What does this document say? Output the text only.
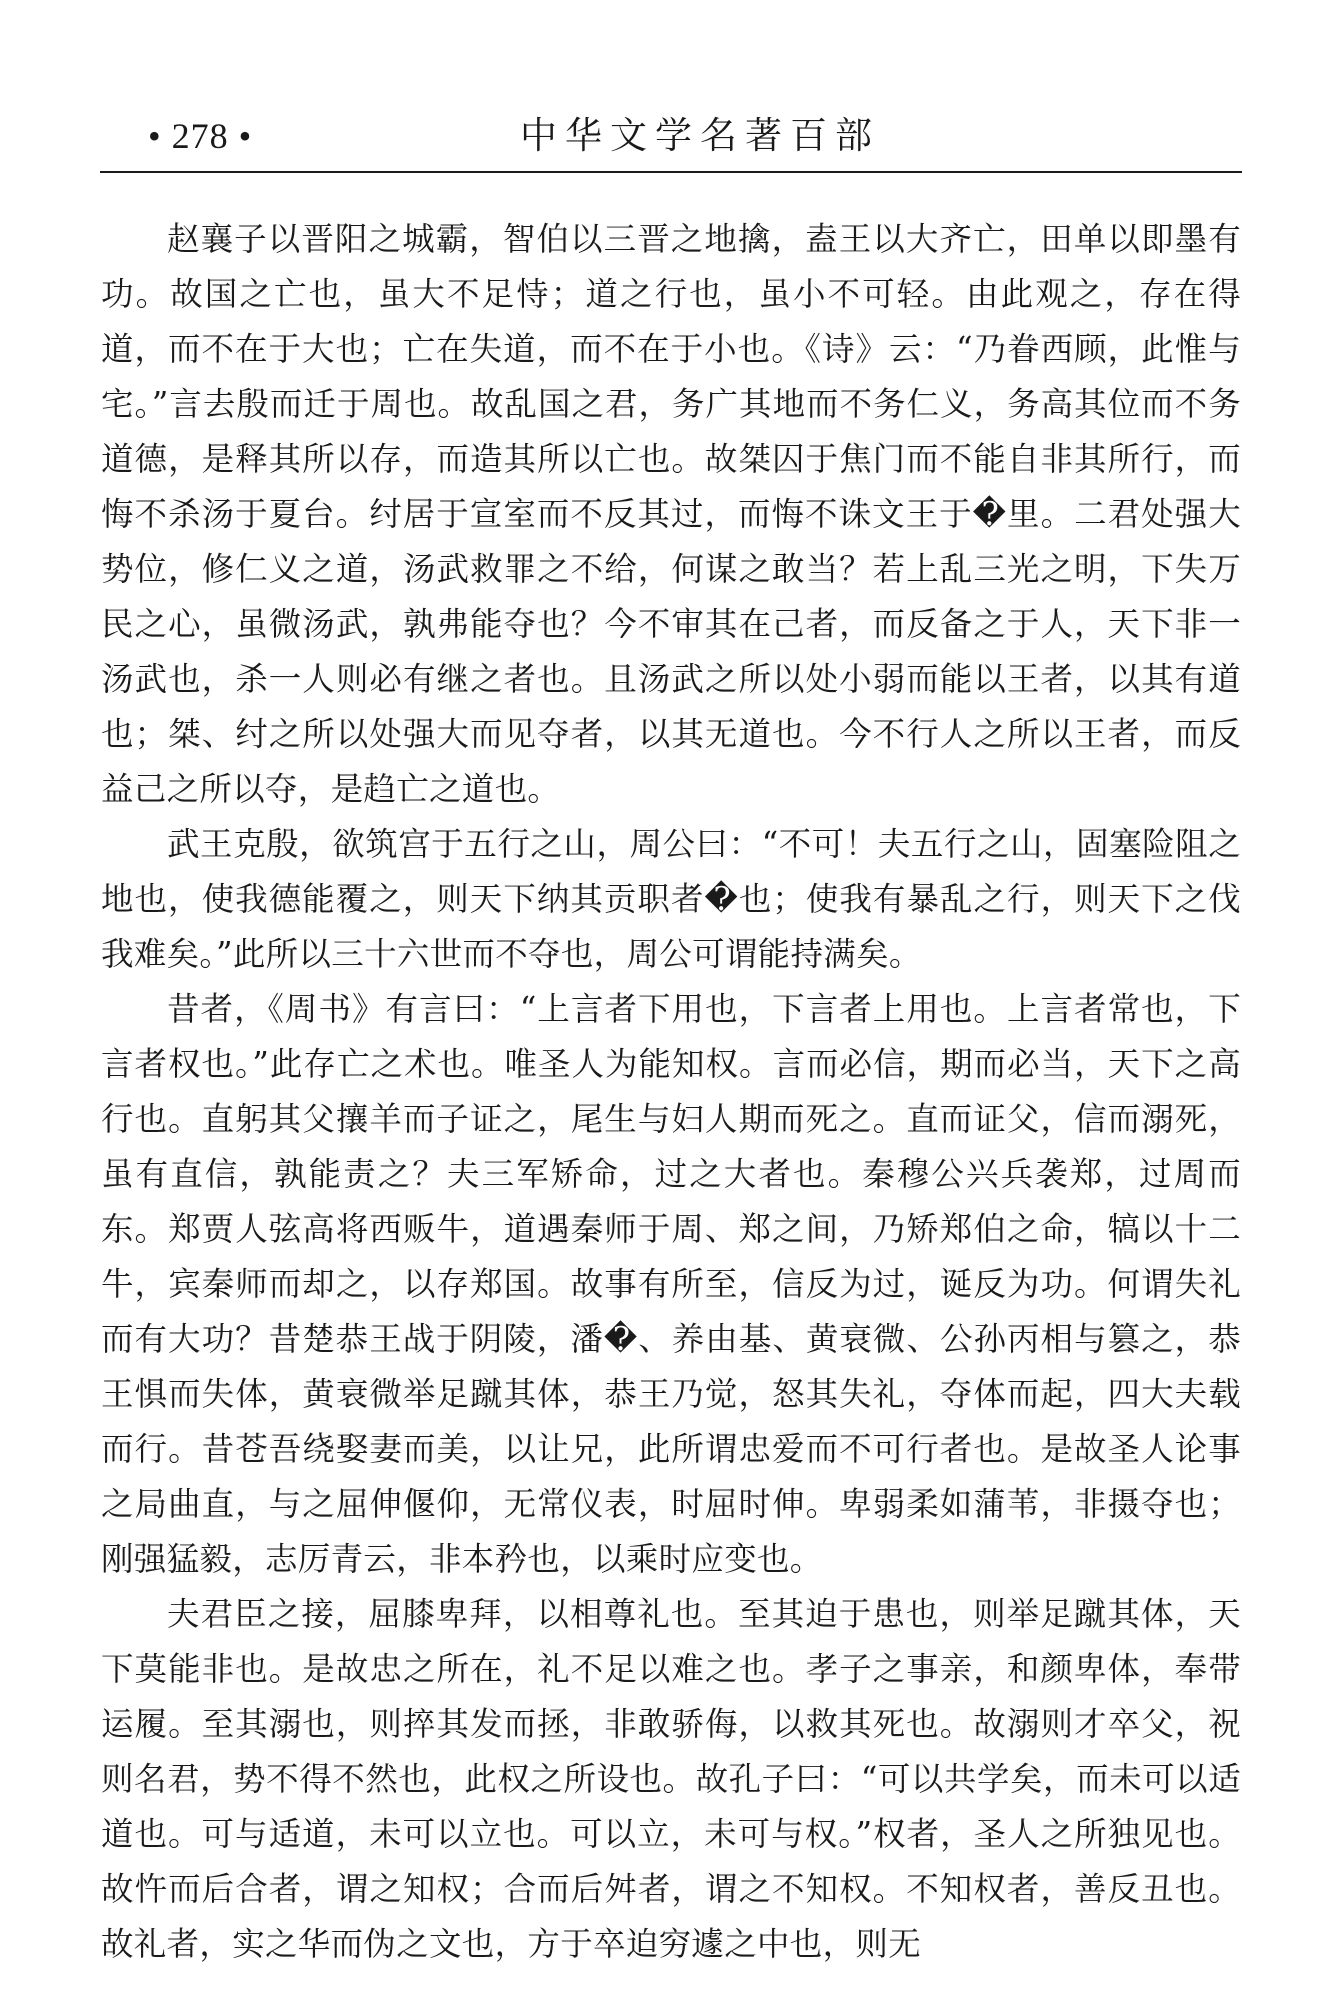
• 278 •	中华文学名著百部

赵襄子以晋阳之城霸，智伯以三晋之地擒，盍王以大齐亡，田单以即墨有功。故国之亡也，虽大不足恃；道之行也，虽小不可轻。由此观之，存在得道，而不在于大也；亡在失道，而不在于小也。《诗》云：“乃眷西顾，此惟与宅。”言去殷而迁于周也。故乱国之君，务广其地而不务仁义，务高其位而不务道德，是释其所以存，而造其所以亡也。故桀囚于焦门而不能自非其所行，而悔不杀汤于夏台。纣居于宣室而不反其过，而悔不诛文王于�里。二君处强大势位，修仁义之道，汤武救罪之不给，何谋之敢当？若上乱三光之明，下失万民之心，虽微汤武，孰弗能夺也？今不审其在己者，而反备之于人，天下非一汤武也，杀一人则必有继之者也。且汤武之所以处小弱而能以王者，以其有道也；桀、纣之所以处强大而见夺者，以其无道也。今不行人之所以王者，而反益己之所以夺，是趋亡之道也。

武王克殷，欲筑宫于五行之山，周公曰：“不可！夫五行之山，固塞险阻之地也，使我德能覆之，则天下纳其贡职者�也；使我有暴乱之行，则天下之伐我难矣。”此所以三十六世而不夺也，周公可谓能持满矣。

昔者，《周书》有言曰：“上言者下用也，下言者上用也。上言者常也，下言者权也。”此存亡之术也。唯圣人为能知权。言而必信，期而必当，天下之高行也。直躬其父攘羊而子证之，尾生与妇人期而死之。直而证父，信而溺死，虽有直信，孰能责之？夫三军矫命，过之大者也。秦穆公兴兵袭郑，过周而东。郑贾人弦高将西贩牛，道遇秦师于周、郑之间，乃矫郑伯之命，犒以十二牛，宾秦师而却之，以存郑国。故事有所至，信反为过，诞反为功。何谓失礼而有大功？昔楚恭王战于阴陵，潘�、养由基、黄衰微、公孙丙相与篡之，恭王惧而失体，黄衰微举足蹴其体，恭王乃觉，怒其失礼，夺体而起，四大夫载而行。昔苍吾绕娶妻而美，以让兄，此所谓忠爱而不可行者也。是故圣人论事之局曲直，与之屈伸偃仰，无常仪表，时屈时伸。卑弱柔如蒲苇，非摄夺也；刚强猛毅，志厉青云，非本矜也，以乘时应变也。

夫君臣之接，屈膝卑拜，以相尊礼也。至其迫于患也，则举足蹴其体，天下莫能非也。是故忠之所在，礼不足以难之也。孝子之事亲，和颜卑体，奉带运履。至其溺也，则捽其发而拯，非敢骄侮，以救其死也。故溺则才卒父，祝则名君，势不得不然也，此权之所设也。故孔子曰：“可以共学矣，而未可以适道也。可与适道，未可以立也。可以立，未可与权。”权者，圣人之所独见也。故忤而后合者，谓之知权；合而后舛者，谓之不知权。不知权者，善反丑也。故礼者，实之华而伪之文也，方于卒迫穷遽之中也，则无
